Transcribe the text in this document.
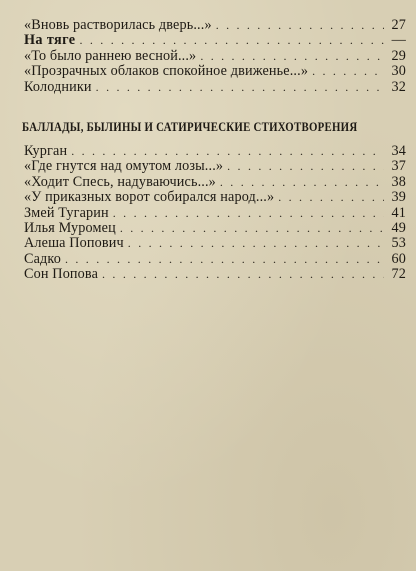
«Вновь растворилась дверь...» . . .	27
На тяге . . .	—
«То было раннею весной...» . . .	29
«Прозрачных облаков спокойное движенье...» . . .	30
Колодники . . .	32
БАЛЛАДЫ, БЫЛИНЫ И САТИРИЧЕСКИЕ СТИХОТВОРЕНИЯ
Курган . . .	34
«Где гнутся над омутом лозы...» . . .	37
«Ходит Спесь, надуваючись...» . . .	38
«У приказных ворот собирался народ...» . . .	39
Змей Тугарин . . .	41
Илья Муромец . . .	49
Алеша Попович . . .	53
Садко . . .	60
Сон Попова . . .	72
